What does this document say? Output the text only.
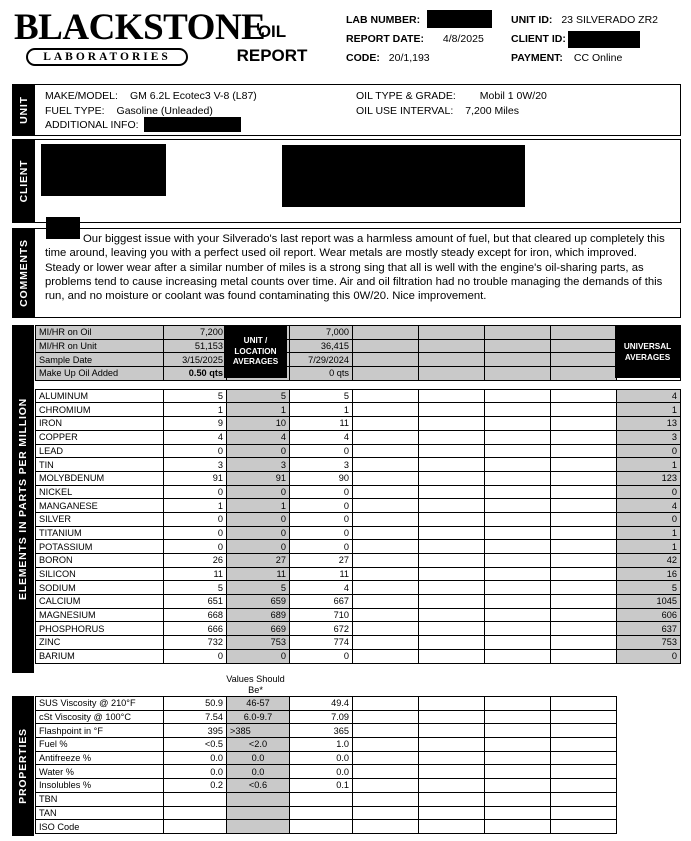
BLACKSTONE
LABORATORIES
OIL
REPORT
LAB NUMBER:
REPORT DATE: 4/8/2025
CODE: 20/1,193
UNIT ID: 23 SILVERADO ZR2
CLIENT ID:
PAYMENT: CC Online
UNIT
MAKE/MODEL: GM 6.2L Ecotec3 V-8 (L87)
FUEL TYPE: Gasoline (Unleaded)
ADDITIONAL INFO:
OIL TYPE & GRADE: Mobil 1 0W/20
OIL USE INTERVAL: 7,200 Miles
CLIENT
COMMENTS
Our biggest issue with your Silverado's last report was a harmless amount of fuel, but that cleared up completely this time around, leaving you with a perfect used oil report. Wear metals are mostly steady except for iron, which improved. Steady or lower wear after a similar number of miles is a strong sing that all is well with the engine's oil-sharing parts, as problems tend to cause increasing metal counts over time. Air and oil filtration had no trouble managing the demands of this run, and no moisture or coolant was found contaminating this 0W/20. Nice improvement.
ELEMENTS IN PARTS PER MILLION
MI/HR on Oil	7,200		7,000					
MI/HR on Unit	51,153		36,415					
Sample Date	3/15/2025		7/29/2024					
Make Up Oil Added	0.50 qts		0 qts					

ALUMINUM	5	5	5					4
CHROMIUM	1	1	1					1
IRON	9	10	11					13
COPPER	4	4	4					3
LEAD	0	0	0					0
TIN	3	3	3					1
MOLYBDENUM	91	91	90					123
NICKEL	0	0	0					0
MANGANESE	1	1	0					4
SILVER	0	0	0					0
TITANIUM	0	0	0					1
POTASSIUM	0	0	0					1
BORON	26	27	27					42
SILICON	11	11	11					16
SODIUM	5	5	4					5
CALCIUM	651	659	667					1045
MAGNESIUM	668	689	710					606
PHOSPHORUS	666	669	672					637
ZINC	732	753	774					753
BARIUM	0	0	0					0
UNIT / LOCATION AVERAGES
UNIVERSAL AVERAGES
Values Should Be*
PROPERTIES
SUS Viscosity @ 210°F	50.9	46-57	49.4					
cSt Viscosity @ 100°C	7.54	6.0-9.7	7.09					
Flashpoint in °F	395	>385	365					
Fuel %	<0.5	<2.0	1.0					
Antifreeze %	0.0	0.0	0.0					
Water %	0.0	0.0	0.0					
Insolubles %	0.2	<0.6	0.1					
TBN								
TAN								
ISO Code								
